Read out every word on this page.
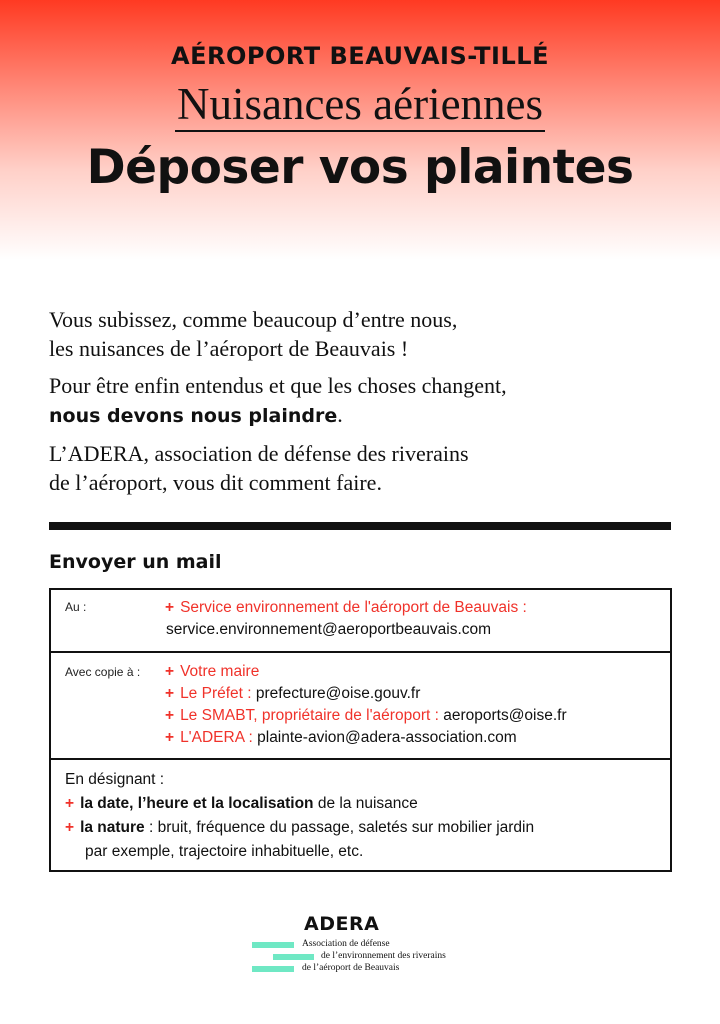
AÉROPORT BEAUVAIS-TILLÉ
Nuisances aériennes
Déposer vos plaintes

Vous subissez, comme beaucoup d’entre nous,
les nuisances de l’aéroport de Beauvais !

Pour être enfin entendus et que les choses changent,
nous devons nous plaindre.

L’ADERA, association de défense des riverains
de l’aéroport, vous dit comment faire.

Envoyer un mail
Au :	+ Service environnement de l'aéroport de Beauvais :
service.environnement@aeroportbeauvais.com
Avec copie à : + Votre maire
+ Le Préfet : prefecture@oise.gouv.fr
+ Le SMABT, propriétaire de l'aéroport : aeroports@oise.fr
+ L'ADERA : plainte-avion@adera-association.com
En désignant :
+ la date, l’heure et la localisation de la nuisance
+ la nature : bruit, fréquence du passage, saletés sur mobilier jardin
par exemple, trajectoire inhabituelle, etc.
ADERA
Association de défense
de l’environnement des riverains
de l’aéroport de Beauvais
